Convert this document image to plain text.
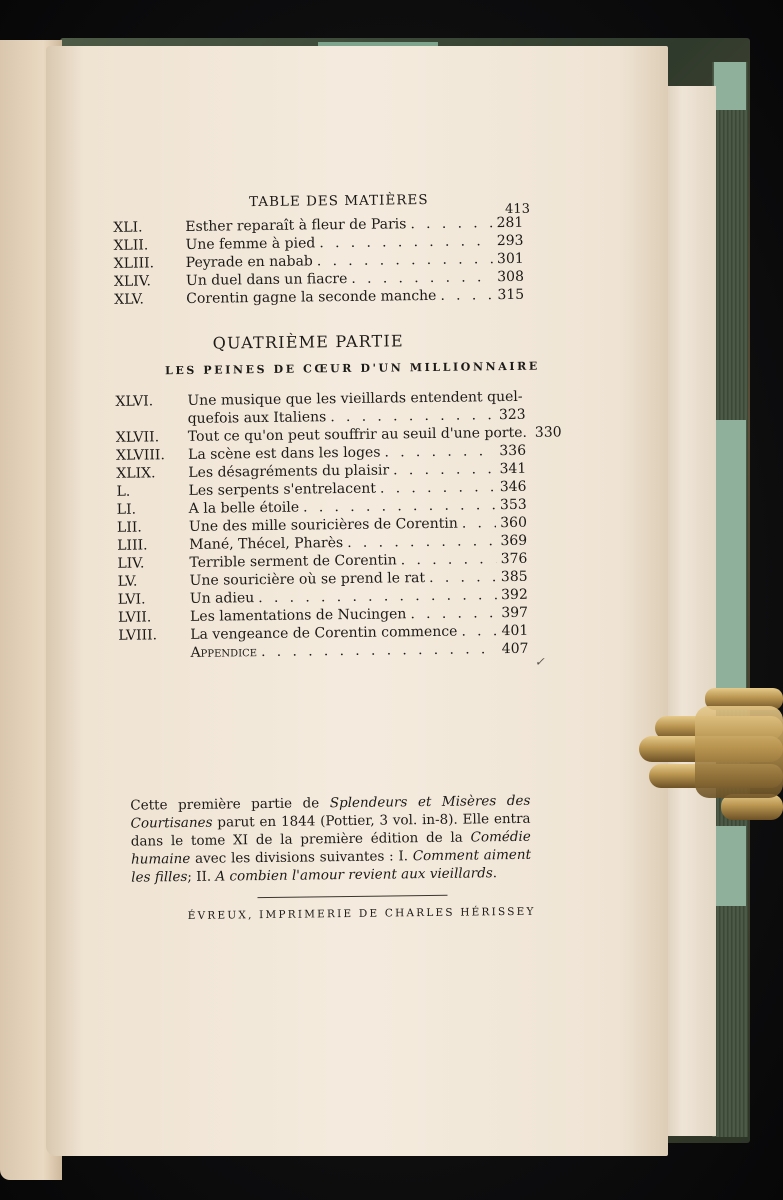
TABLE DES MATIÈRES	413
XLI.	Esther reparaît à fleur de Paris . . .	281
XLII.	Une femme à pied . . .	293
XLIII.	Peyrade en nabab . . .	301
XLIV.	Un duel dans un fiacre . . .	308
XLV.	Corentin gagne la seconde manche . . .	315
QUATRIÈME PARTIE
LES PEINES DE CŒUR D'UN MILLIONNAIRE
XLVI.	Une musique que les vieillards entendent quel-
quefois aux Italiens . . .	323
XLVII.	Tout ce qu'on peut souffrir au seuil d'une porte. . . . 330
XLVIII.	La scène est dans les loges . . .	336
XLIX.	Les désagréments du plaisir . . .	341
L.	Les serpents s'entrelacent . . .	346
LI.	A la belle étoile . . .	353
LII.	Une des mille souricières de Corentin . . .	360
LIII.	Mané, Thécel, Pharès . . .	369
LIV.	Terrible serment de Corentin . . .	376
LV.	Une souricière où se prend le rat . . .	385
LVI.	Un adieu . . .	392
LVII.	Les lamentations de Nucingen . . .	397
LVIII.	La vengeance de Corentin commence . . .	401
Appendice . . .	407
✓
Cette première partie de Splendeurs et Misères des Courtisanes parut en 1844 (Pottier, 3 vol. in-8). Elle entra dans le tome XI de la première édition de la Comédie humaine avec les divisions suivantes : I. Comment aiment les filles; II. A combien l'amour revient aux vieillards.
ÉVREUX, IMPRIMERIE DE CHARLES HÉRISSEY
